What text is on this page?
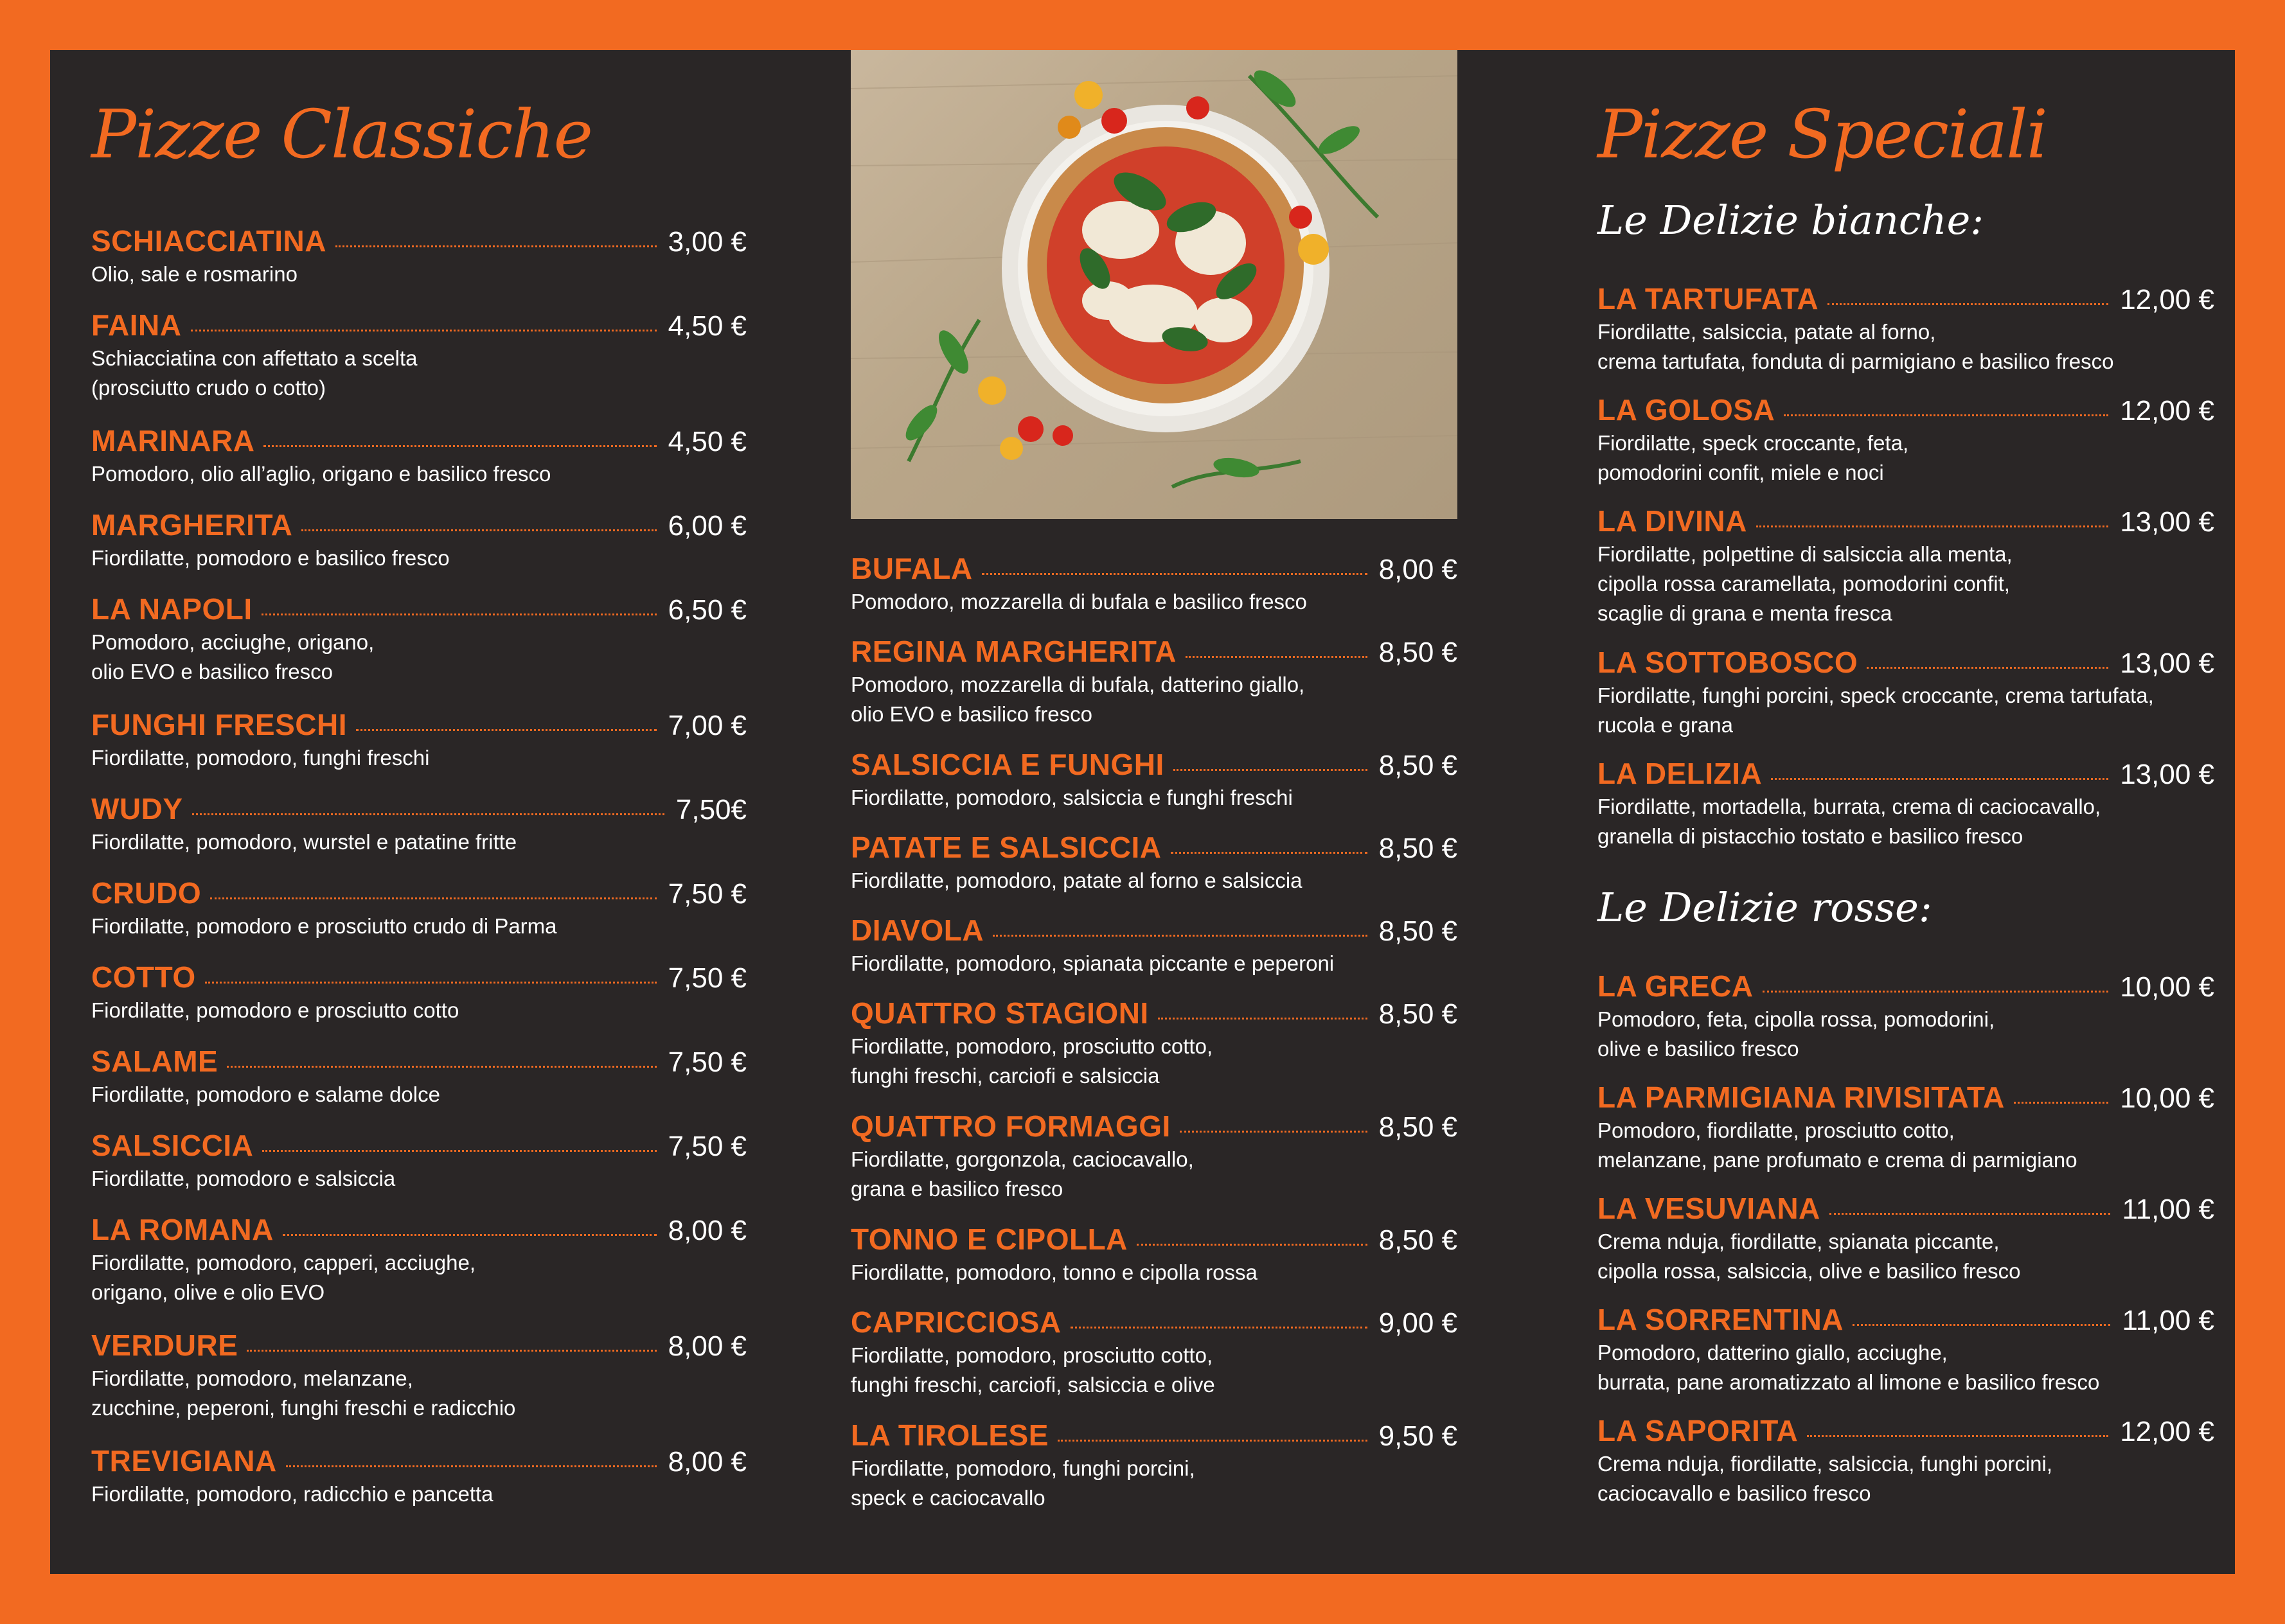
Pizze Classiche
SCHIACCIATINA	3,00 €
Olio, sale e rosmarino
FAINA	4,50 €
Schiacciatina con affettato a scelta
(prosciutto crudo o cotto)
MARINARA	4,50 €
Pomodoro, olio all’aglio, origano e basilico fresco
MARGHERITA	6,00 €
Fiordilatte, pomodoro e basilico fresco
LA NAPOLI	6,50 €
Pomodoro, acciughe, origano,
olio EVO e basilico fresco
FUNGHI FRESCHI	7,00 €
Fiordilatte, pomodoro, funghi freschi
WUDY	7,50€
Fiordilatte, pomodoro, wurstel e patatine fritte
CRUDO	7,50 €
Fiordilatte, pomodoro e prosciutto crudo di Parma
COTTO	7,50 €
Fiordilatte, pomodoro e prosciutto cotto
SALAME	7,50 €
Fiordilatte, pomodoro e salame dolce
SALSICCIA	7,50 €
Fiordilatte, pomodoro e salsiccia
LA ROMANA	8,00 €
Fiordilatte, pomodoro, capperi, acciughe,
origano, olive e olio EVO
VERDURE	8,00 €
Fiordilatte, pomodoro, melanzane,
zucchine, peperoni, funghi freschi e radicchio
TREVIGIANA	8,00 €
Fiordilatte, pomodoro, radicchio e pancetta
BUFALA	8,00 €
Pomodoro, mozzarella di bufala e basilico fresco
REGINA MARGHERITA	8,50 €
Pomodoro, mozzarella di bufala, datterino giallo,
olio EVO e basilico fresco
SALSICCIA E FUNGHI	8,50 €
Fiordilatte, pomodoro, salsiccia e funghi freschi
PATATE E SALSICCIA	8,50 €
Fiordilatte, pomodoro, patate al forno e salsiccia
DIAVOLA	8,50 €
Fiordilatte, pomodoro, spianata piccante e peperoni
QUATTRO STAGIONI	8,50 €
Fiordilatte, pomodoro, prosciutto cotto,
funghi freschi, carciofi e salsiccia
QUATTRO FORMAGGI	8,50 €
Fiordilatte, gorgonzola, caciocavallo,
grana e basilico fresco
TONNO E CIPOLLA	8,50 €
Fiordilatte, pomodoro, tonno e cipolla rossa
CAPRICCIOSA	9,00 €
Fiordilatte, pomodoro, prosciutto cotto,
funghi freschi, carciofi, salsiccia e olive
LA TIROLESE	9,50 €
Fiordilatte, pomodoro, funghi porcini,
speck e caciocavallo
Pizze Speciali
Le Delizie bianche:
LA TARTUFATA	12,00 €
Fiordilatte, salsiccia, patate al forno,
crema tartufata, fonduta di parmigiano e basilico fresco
LA GOLOSA	12,00 €
Fiordilatte, speck croccante, feta,
pomodorini confit, miele e noci
LA DIVINA	13,00 €
Fiordilatte, polpettine di salsiccia alla menta,
cipolla rossa caramellata, pomodorini confit,
scaglie di grana e menta fresca
LA SOTTOBOSCO	13,00 €
Fiordilatte, funghi porcini, speck croccante, crema tartufata,
rucola e grana
LA DELIZIA	13,00 €
Fiordilatte, mortadella, burrata, crema di caciocavallo,
granella di pistacchio tostato e basilico fresco
Le Delizie rosse:
LA GRECA	10,00 €
Pomodoro, feta, cipolla rossa, pomodorini,
olive e basilico fresco
LA PARMIGIANA RIVISITATA	10,00 €
Pomodoro, fiordilatte, prosciutto cotto,
melanzane, pane profumato e crema di parmigiano
LA VESUVIANA	11,00 €
Crema nduja, fiordilatte, spianata piccante,
cipolla rossa, salsiccia, olive e basilico fresco
LA SORRENTINA	11,00 €
Pomodoro, datterino giallo, acciughe,
burrata, pane aromatizzato al limone e basilico fresco
LA SAPORITA	12,00 €
Crema nduja, fiordilatte, salsiccia, funghi porcini,
caciocavallo e basilico fresco
